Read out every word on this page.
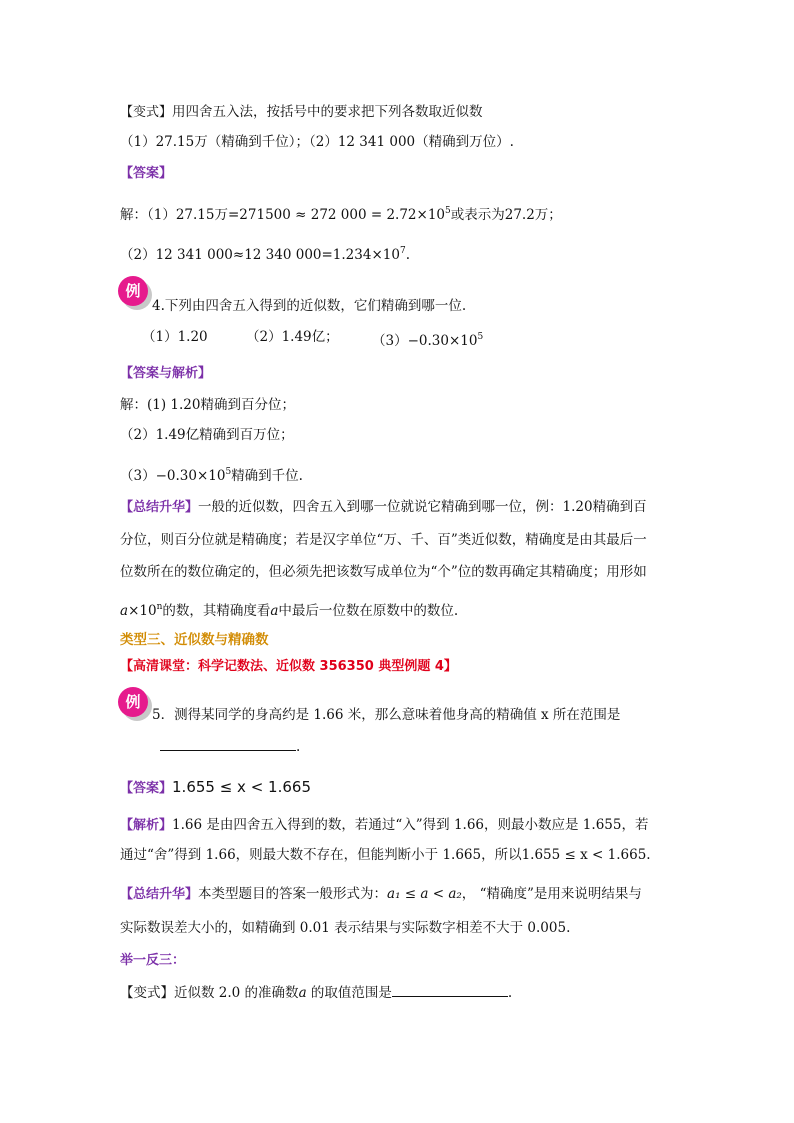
【变式】用四舍五入法，按括号中的要求把下列各数取近似数
（1）27.15万（精确到千位）；（2）12 341 000（精确到万位）.
【答案】
解：（1）27.15万=271500 ≈ 272 $000 = 2.72\times 10^5$或表示为27.2万；
（2）12 341 000≈12 340 $000=1.234\times 10^7$.
例
4.下列由四舍五入得到的近似数，它们精确到哪一位.
（1）1.20	（2）1.49亿； $(3)-0.30\times 10^5$
【答案与解析】
解：(1) 1.20精确到百分位；
（2）1.49亿精确到百万位；
$(3)-0.30\times 10^5$精确到千位.
【总结升华】一般的近似数，四舍五入到哪一位就说它精确到哪一位，例：1.20精确到百
分位，则百分位就是精确度；若是汉字单位“万、千、百”类近似数，精确度是由其最后一
位数所在的数位确定的，但必须先把该数写成单位为“个”位的数再确定其精确度；用形如
$a\times 10^n$的数，其精确度看a中最后一位数在原数中的数位.
类型三、近似数与精确数
【高清课堂：科学记数法、近似数 356350 典型例题 4】
例
5．测得某同学的身高约是 1.66 米，那么意味着他身高的精确值 x 所在范围是
.
【答案】1.655 ≤ x < 1.665
【解析】1.66 是由四舍五入得到的数，若通过“入”得到 1.66，则最小数应是 1.655，若
通过“舍”得到 1.66，则最大数不存在，但能判断小于 1.665，所以1.655 ≤ x < 1.665.
【总结升华】本类型题目的答案一般形式为：a₁ ≤ a < a₂， “精确度”是用来说明结果与
实际数误差大小的，如精确到 0.01 表示结果与实际数字相差不大于 0.005.
举一反三：
【变式】近似数 2.0 的准确数a 的取值范围是	.
